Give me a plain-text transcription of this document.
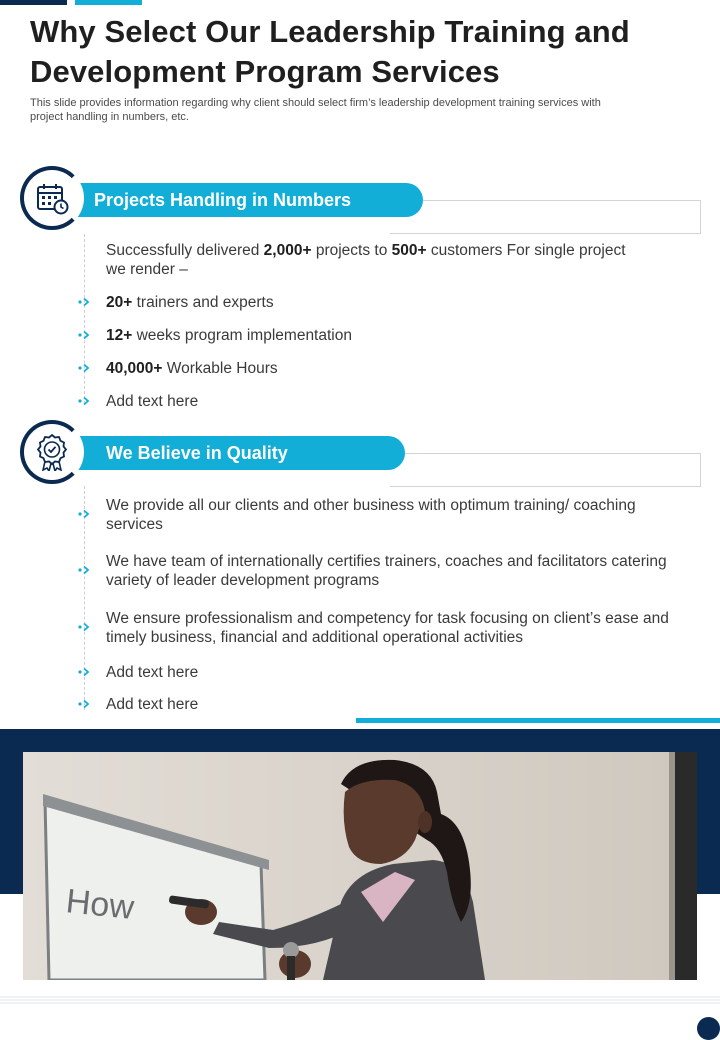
Why Select Our Leadership Training and
Development Program Services

This slide provides information regarding why client should select firm’s leadership development training services with
project handling in numbers, etc.

Projects Handling in Numbers
Successfully delivered 2,000+ projects to 500+ customers For single project
we render –
20+ trainers and experts
12+ weeks program implementation
40,000+ Workable Hours
Add text here
We Believe in Quality
We provide all our clients and other business with optimum training/ coaching
services
We have team of internationally certifies trainers, coaches and facilitators catering
variety of leader development programs
We ensure professionalism and competency for task focusing on client’s ease and
timely business, financial and additional operational activities
Add text here
Add text here
How
